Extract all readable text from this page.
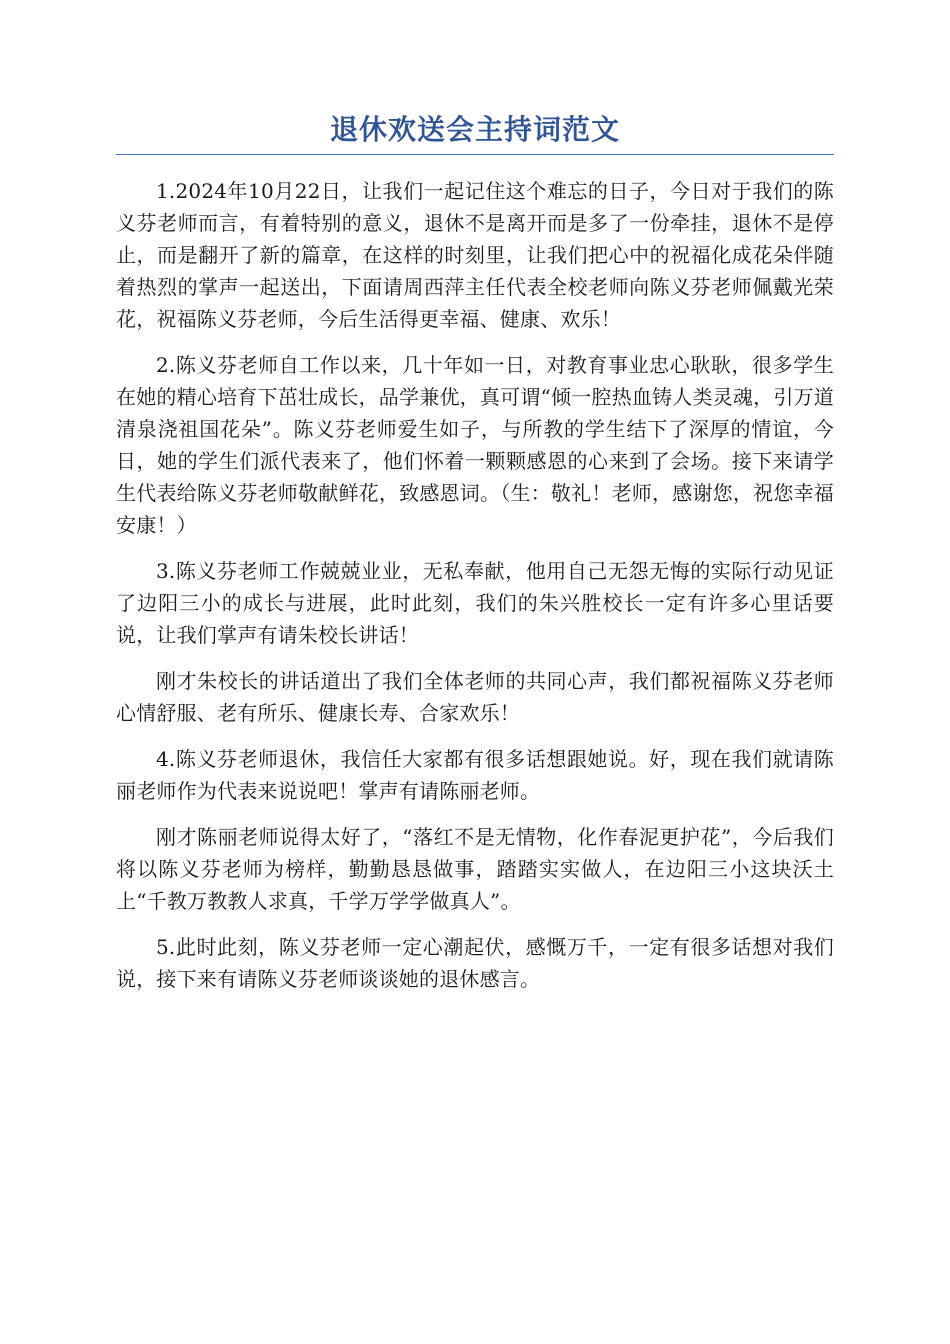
退休欢送会主持词范文

1.2024年10月22日，让我们一起记住这个难忘的日子，今日对于我们的陈义芬老师而言，有着特别的意义，退休不是离开而是多了一份牵挂，退休不是停止，而是翻开了新的篇章，在这样的时刻里，让我们把心中的祝福化成花朵伴随着热烈的掌声一起送出，下面请周西萍主任代表全校老师向陈义芬老师佩戴光荣花，祝福陈义芬老师，今后生活得更幸福、健康、欢乐！

2.陈义芬老师自工作以来，几十年如一日，对教育事业忠心耿耿，很多学生在她的精心培育下茁壮成长，品学兼优，真可谓“倾一腔热血铸人类灵魂，引万道清泉浇祖国花朵”。陈义芬老师爱生如子，与所教的学生结下了深厚的情谊，今日，她的学生们派代表来了，他们怀着一颗颗感恩的心来到了会场。接下来请学生代表给陈义芬老师敬献鲜花，致感恩词。（生：敬礼！老师，感谢您，祝您幸福安康！）

3.陈义芬老师工作兢兢业业，无私奉献，他用自己无怨无悔的实际行动见证了边阳三小的成长与进展，此时此刻，我们的朱兴胜校长一定有许多心里话要说，让我们掌声有请朱校长讲话！

刚才朱校长的讲话道出了我们全体老师的共同心声，我们都祝福陈义芬老师心情舒服、老有所乐、健康长寿、合家欢乐！

4.陈义芬老师退休，我信任大家都有很多话想跟她说。好，现在我们就请陈丽老师作为代表来说说吧！掌声有请陈丽老师。

刚才陈丽老师说得太好了，“落红不是无情物，化作春泥更护花”，今后我们将以陈义芬老师为榜样，勤勤恳恳做事，踏踏实实做人，在边阳三小这块沃土上“千教万教教人求真，千学万学学做真人”。

5.此时此刻，陈义芬老师一定心潮起伏，感慨万千，一定有很多话想对我们说，接下来有请陈义芬老师谈谈她的退休感言。
